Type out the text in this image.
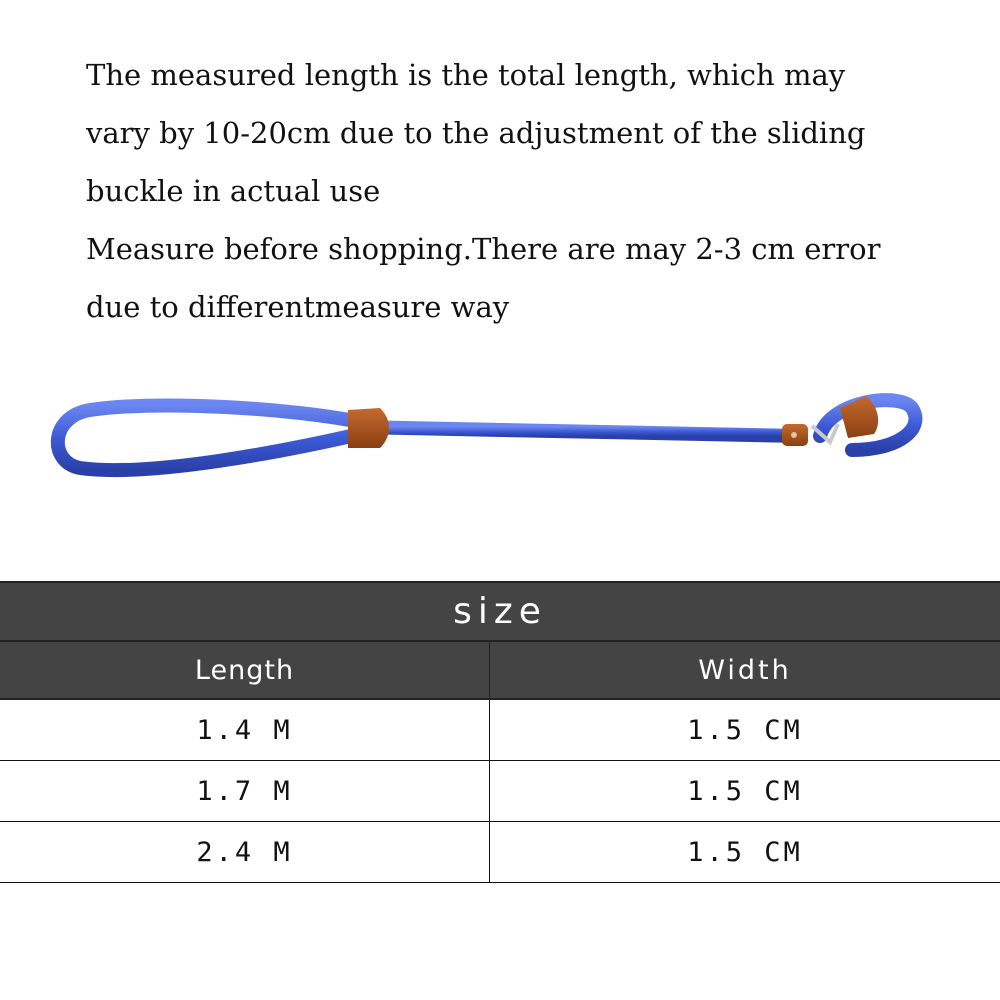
The measured length is the total length, which may

vary by 10-20cm due to the adjustment of the sliding

buckle in actual use

Measure before shopping.There are may 2-3 cm error

due to differentmeasure way

size	
Length	Width
1.4 M	1.5 CM
1.7 M	1.5 CM
2.4 M	1.5 CM
